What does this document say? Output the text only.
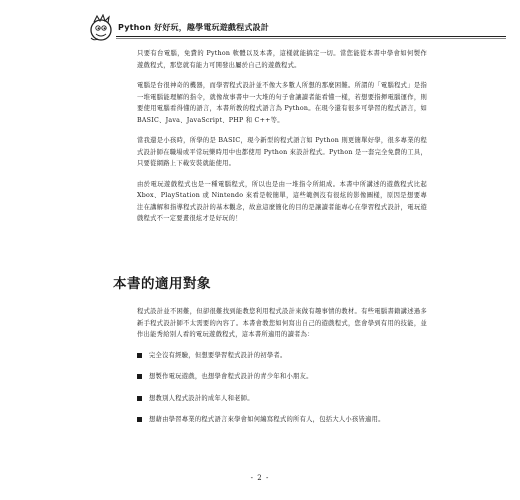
Python 好好玩，趣學電玩遊戲程式設計

只要有台電腦，免費的 Python 軟體以及本書，這樣就能搞定一切。當您能從本書中學會如何製作遊戲程式，那您就有能力可開發出屬於自己的遊戲程式。

電腦是台很神奇的機器，而學習程式設計並不像大多數人所想的那麼困難。所謂的「電腦程式」是指一堆電腦能理解的指令，就像故事書中一大堆的句子會讓讀者能看懂一樣，若想要指揮電腦運作，則要使用電腦看得懂的語言，本書所教的程式語言為 Python。在現今還有很多可學習的程式語言，如 BASIC、Java、JavaScript、PHP 和 C++等。

當我還是小孩時，所學的是 BASIC，現今新型的程式語言如 Python 則更簡單好學，很多專業的程式設計師在職場或平常玩樂時用中也都使用 Python 來設計程式。Python 是一套完全免費的工具，只要從網路上下載安裝就能使用。

由於電玩遊戲程式也是一種電腦程式，所以也是由一堆指令所組成。本書中所講述的遊戲程式比起 Xbox、PlayStation 或 Nintendo 來看是較簡單，這些範例沒有很炫的影像圖樣，原因是想要專注在講解和指導程式設計的基本觀念，故意這麼簡化的目的是讓讀者能專心在學習程式設計，電玩遊戲程式不一定要畫很炫才是好玩的！

本書的適用對象

程式設計並不困難，但卻很難找到能教您利用程式設計來做有趣事情的教材。有些電腦書籍講述過多新手程式設計師不太需要的內容了。本書會教您如何寫出自己的遊戲程式，您會學到有用的技能，並作出能秀給別人看的電玩遊戲程式，這本書所適用的讀者為：

完全沒有經驗，但想要學習程式設計的初學者。
想製作電玩遊戲，也想學會程式設計的青少年和小朋友。
想教別人程式設計的成年人和老師。
想藉由學習專業的程式語言來學會如何編寫程式的所有人，包括大人小孩皆適用。
- 2 -
